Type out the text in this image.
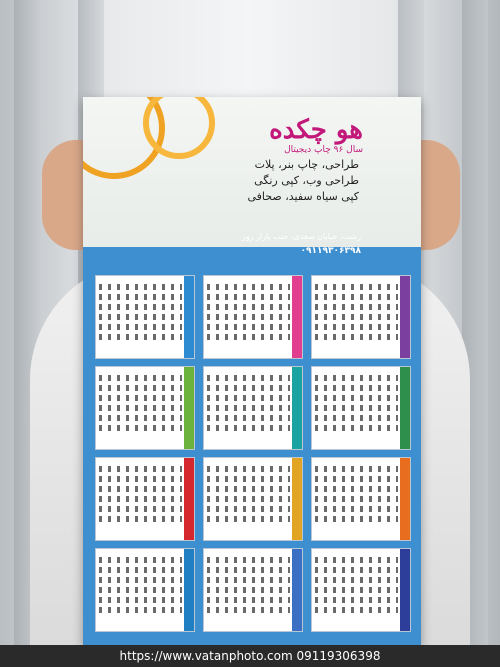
هو چکده
سال ۹۶ چاپ دیجیتال
طراحی، چاپ بنر، پلات
طراحی وب، کپی رنگی
کپی سیاه سفید، صحافی
رشت، خیابان سعدی، جنب بازار روز
۰۹۱۱۹۳۰۶۳۹۸
https://www.vatanphoto.com 09119306398
